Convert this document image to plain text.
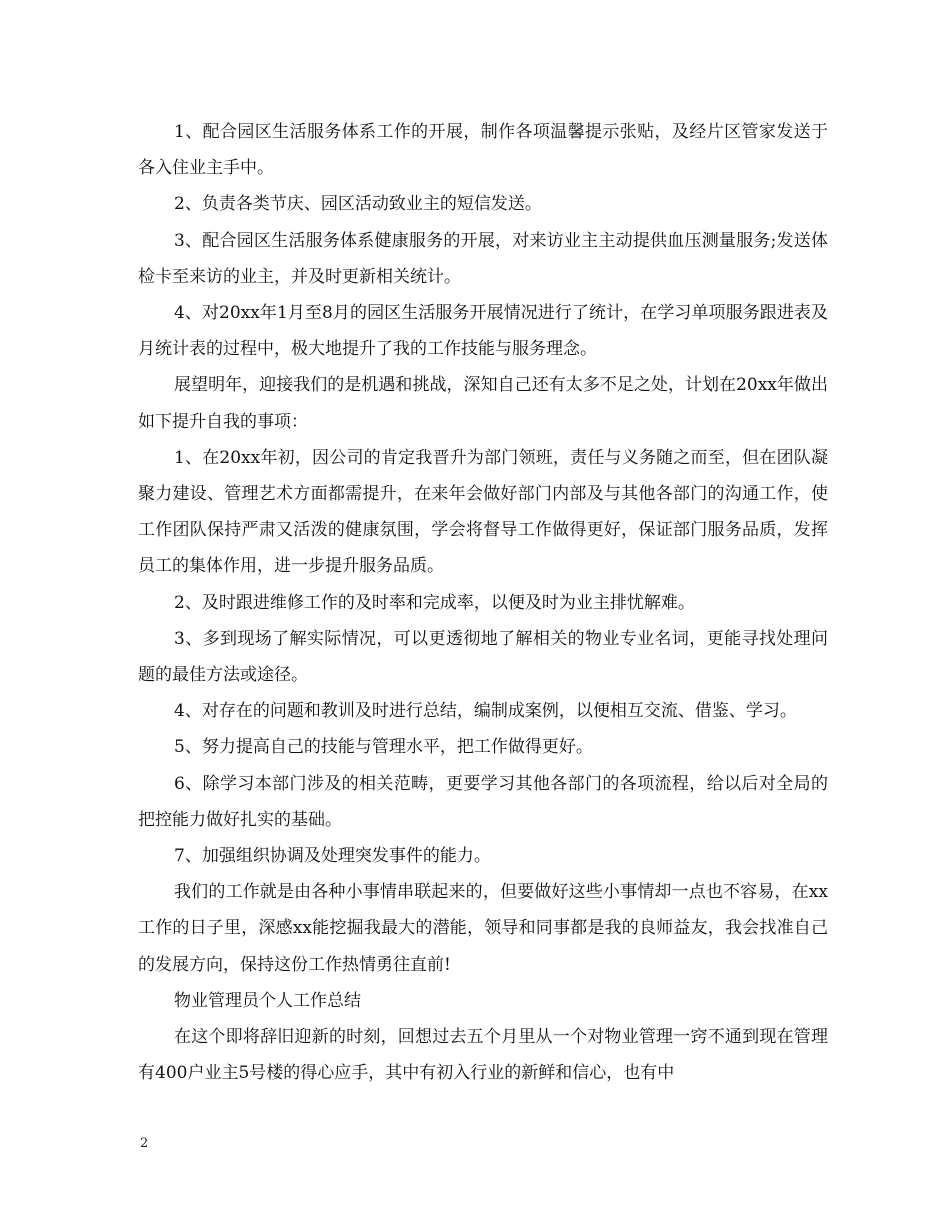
1、配合园区生活服务体系工作的开展，制作各项温馨提示张贴，及经片区管家发送于各入住业主手中。

2、负责各类节庆、园区活动致业主的短信发送。

3、配合园区生活服务体系健康服务的开展，对来访业主主动提供血压测量服务;发送体检卡至来访的业主，并及时更新相关统计。

4、对20xx年1月至8月的园区生活服务开展情况进行了统计，在学习单项服务跟进表及月统计表的过程中，极大地提升了我的工作技能与服务理念。

展望明年，迎接我们的是机遇和挑战，深知自己还有太多不足之处，计划在20xx年做出如下提升自我的事项：

1、在20xx年初，因公司的肯定我晋升为部门领班，责任与义务随之而至，但在团队凝聚力建设、管理艺术方面都需提升，在来年会做好部门内部及与其他各部门的沟通工作，使工作团队保持严肃又活泼的健康氛围，学会将督导工作做得更好，保证部门服务品质，发挥员工的集体作用，进一步提升服务品质。

2、及时跟进维修工作的及时率和完成率，以便及时为业主排忧解难。

3、多到现场了解实际情况，可以更透彻地了解相关的物业专业名词，更能寻找处理问题的最佳方法或途径。

4、对存在的问题和教训及时进行总结，编制成案例，以便相互交流、借鉴、学习。

5、努力提高自己的技能与管理水平，把工作做得更好。

6、除学习本部门涉及的相关范畴，更要学习其他各部门的各项流程，给以后对全局的把控能力做好扎实的基础。

7、加强组织协调及处理突发事件的能力。

我们的工作就是由各种小事情串联起来的，但要做好这些小事情却一点也不容易，在xx工作的日子里，深感xx能挖掘我最大的潜能，领导和同事都是我的良师益友，我会找准自己的发展方向，保持这份工作热情勇往直前!

物业管理员个人工作总结

在这个即将辞旧迎新的时刻，回想过去五个月里从一个对物业管理一窍不通到现在管理有400户业主5号楼的得心应手，其中有初入行业的新鲜和信心，也有中

2
